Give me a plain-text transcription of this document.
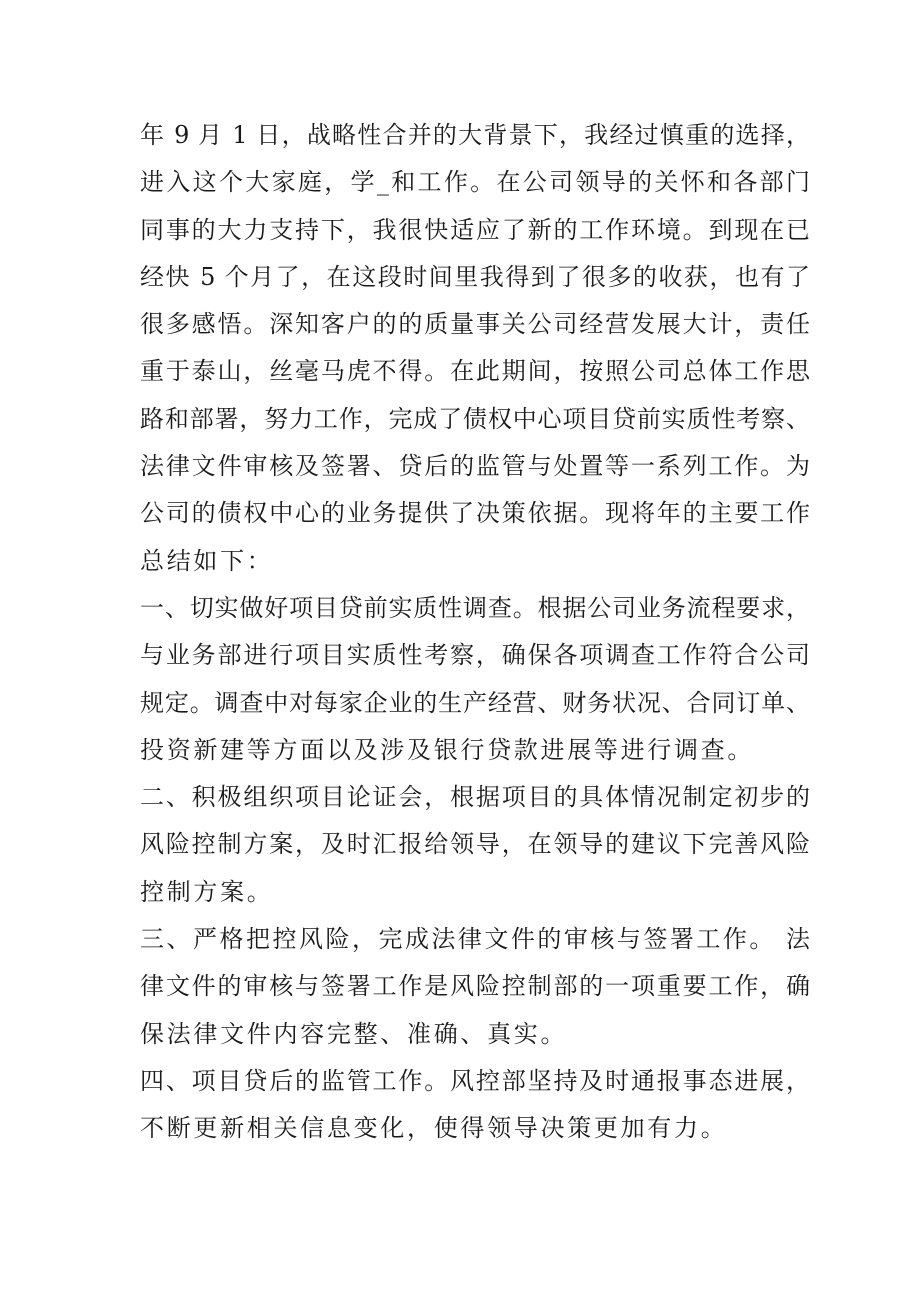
年 9 月 1 日，战略性合并的大背景下，我经过慎重的选择，
进入这个大家庭，学_和工作。在公司领导的关怀和各部门
同事的大力支持下，我很快适应了新的工作环境。到现在已
经快 5 个月了，在这段时间里我得到了很多的收获，也有了
很多感悟。深知客户的的质量事关公司经营发展大计，责任
重于泰山，丝毫马虎不得。在此期间，按照公司总体工作思
路和部署，努力工作，完成了债权中心项目贷前实质性考察、
法律文件审核及签署、贷后的监管与处置等一系列工作。为
公司的债权中心的业务提供了决策依据。现将年的主要工作
总结如下：
一、切实做好项目贷前实质性调查。根据公司业务流程要求，
与业务部进行项目实质性考察，确保各项调查工作符合公司
规定。调查中对每家企业的生产经营、财务状况、合同订单、
投资新建等方面以及涉及银行贷款进展等进行调查。
二、积极组织项目论证会，根据项目的具体情况制定初步的
风险控制方案，及时汇报给领导，在领导的建议下完善风险
控制方案。
三、严格把控风险，完成法律文件的审核与签署工作。 法
律文件的审核与签署工作是风险控制部的一项重要工作，确
保法律文件内容完整、准确、真实。
四、项目贷后的监管工作。风控部坚持及时通报事态进展，
不断更新相关信息变化，使得领导决策更加有力。
